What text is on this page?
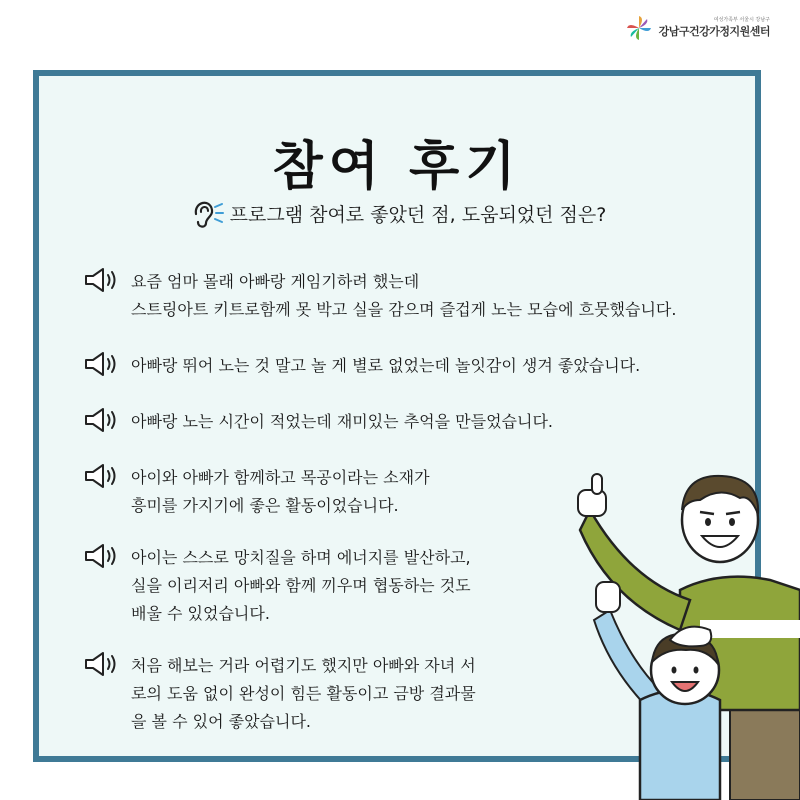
여성가족부 서울시 강남구
강남구건강가정지원센터
참여 후기
프로그램 참여로 좋았던 점, 도움되었던 점은?
요즘 엄마 몰래 아빠랑 게임기하려 했는데
스트링아트 키트로함께 못 박고 실을 감으며 즐겁게 노는 모습에 흐뭇했습니다.
아빠랑 뛰어 노는 것 말고 놀 게 별로 없었는데 놀잇감이 생겨 좋았습니다.
아빠랑 노는 시간이 적었는데 재미있는 추억을 만들었습니다.
아이와 아빠가 함께하고 목공이라는 소재가
흥미를 가지기에 좋은 활동이었습니다.
아이는 스스로 망치질을 하며 에너지를 발산하고,
실을 이리저리 아빠와 함께 끼우며 협동하는 것도
배울 수 있었습니다.
처음 해보는 거라 어렵기도 했지만 아빠와 자녀 서
로의 도움 없이 완성이 힘든 활동이고 금방 결과물
을 볼 수 있어 좋았습니다.
